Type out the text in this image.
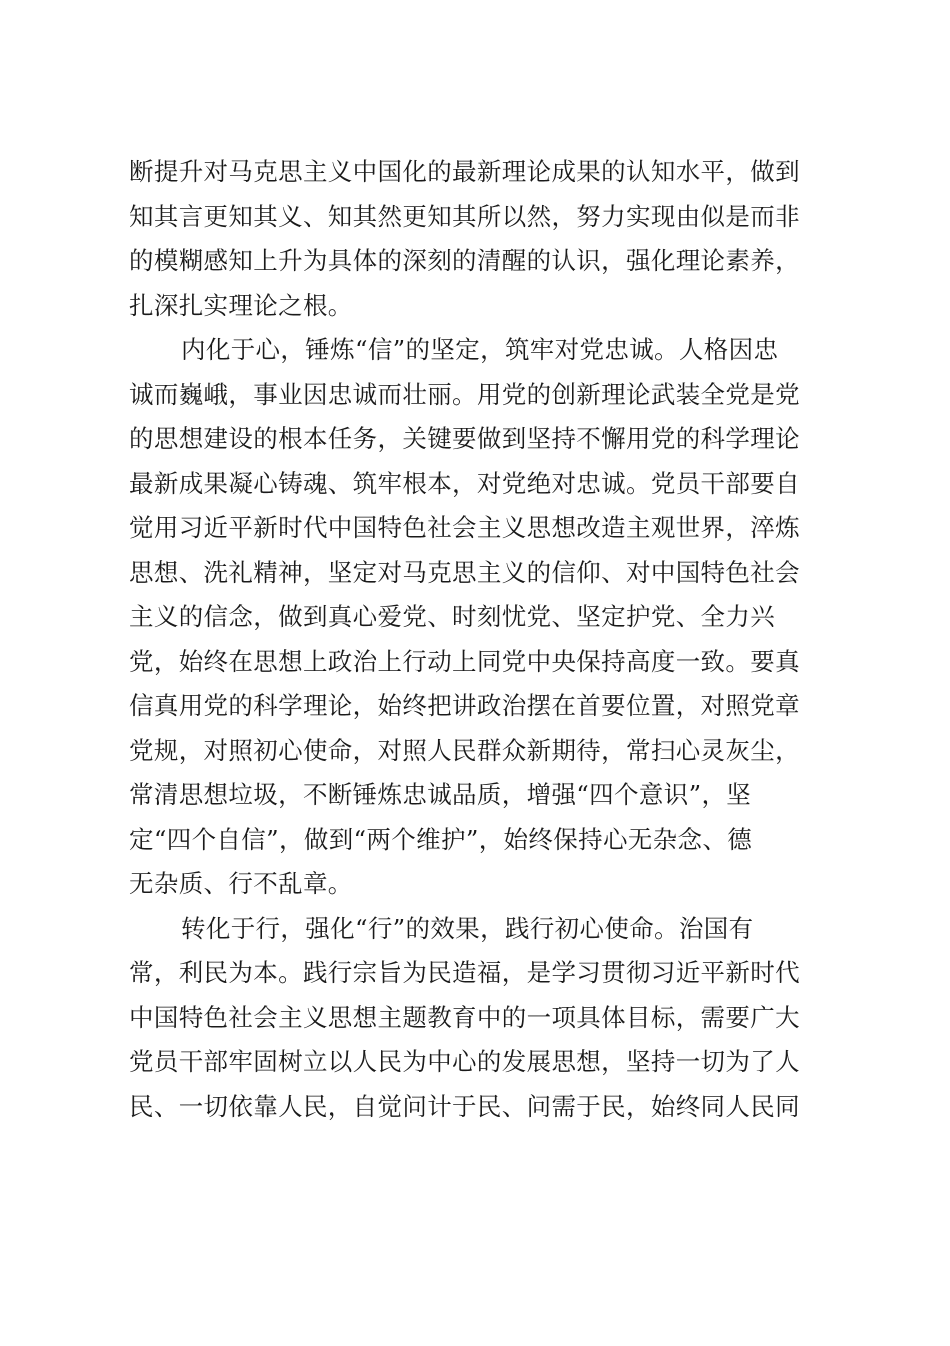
断提升对马克思主义中国化的最新理论成果的认知水平，做到
知其言更知其义、知其然更知其所以然，努力实现由似是而非
的模糊感知上升为具体的深刻的清醒的认识，强化理论素养，
扎深扎实理论之根。
内化于心，锤炼“信”的坚定，筑牢对党忠诚。人格因忠
诚而巍峨，事业因忠诚而壮丽。用党的创新理论武装全党是党
的思想建设的根本任务，关键要做到坚持不懈用党的科学理论
最新成果凝心铸魂、筑牢根本，对党绝对忠诚。党员干部要自
觉用习近平新时代中国特色社会主义思想改造主观世界，淬炼
思想、洗礼精神，坚定对马克思主义的信仰、对中国特色社会
主义的信念，做到真心爱党、时刻忧党、坚定护党、全力兴
党，始终在思想上政治上行动上同党中央保持高度一致。要真
信真用党的科学理论，始终把讲政治摆在首要位置，对照党章
党规，对照初心使命，对照人民群众新期待，常扫心灵灰尘，
常清思想垃圾，不断锤炼忠诚品质，增强“四个意识”，坚
定“四个自信”，做到“两个维护”，始终保持心无杂念、德
无杂质、行不乱章。
转化于行，强化“行”的效果，践行初心使命。治国有
常，利民为本。践行宗旨为民造福，是学习贯彻习近平新时代
中国特色社会主义思想主题教育中的一项具体目标，需要广大
党员干部牢固树立以人民为中心的发展思想，坚持一切为了人
民、一切依靠人民，自觉问计于民、问需于民，始终同人民同
